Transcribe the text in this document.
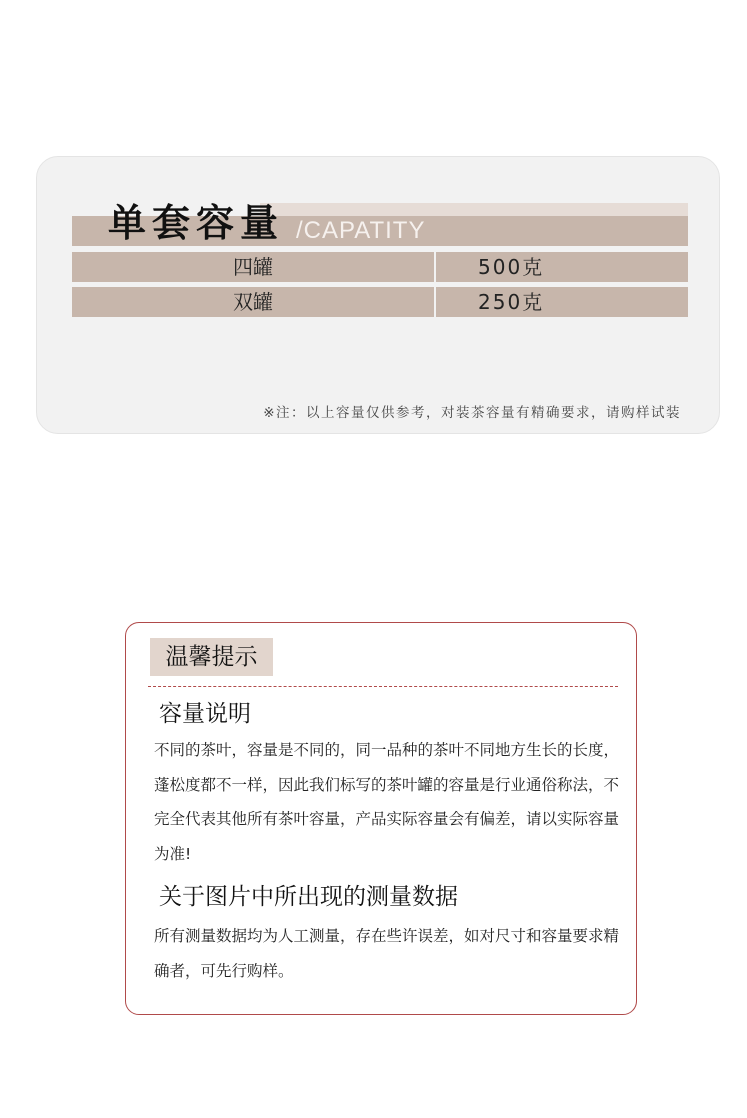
单套容量 /CAPATITY
四罐	500克
双罐	250克
※注：以上容量仅供参考，对装茶容量有精确要求，请购样试装
温馨提示
容量说明

不同的茶叶，容量是不同的，同一品种的茶叶不同地方生长的长度，蓬松度都不一样，因此我们标写的茶叶罐的容量是行业通俗称法，不完全代表其他所有茶叶容量，产品实际容量会有偏差，请以实际容量为准!

关于图片中所出现的测量数据

所有测量数据均为人工测量，存在些许误差，如对尺寸和容量要求精确者，可先行购样。
